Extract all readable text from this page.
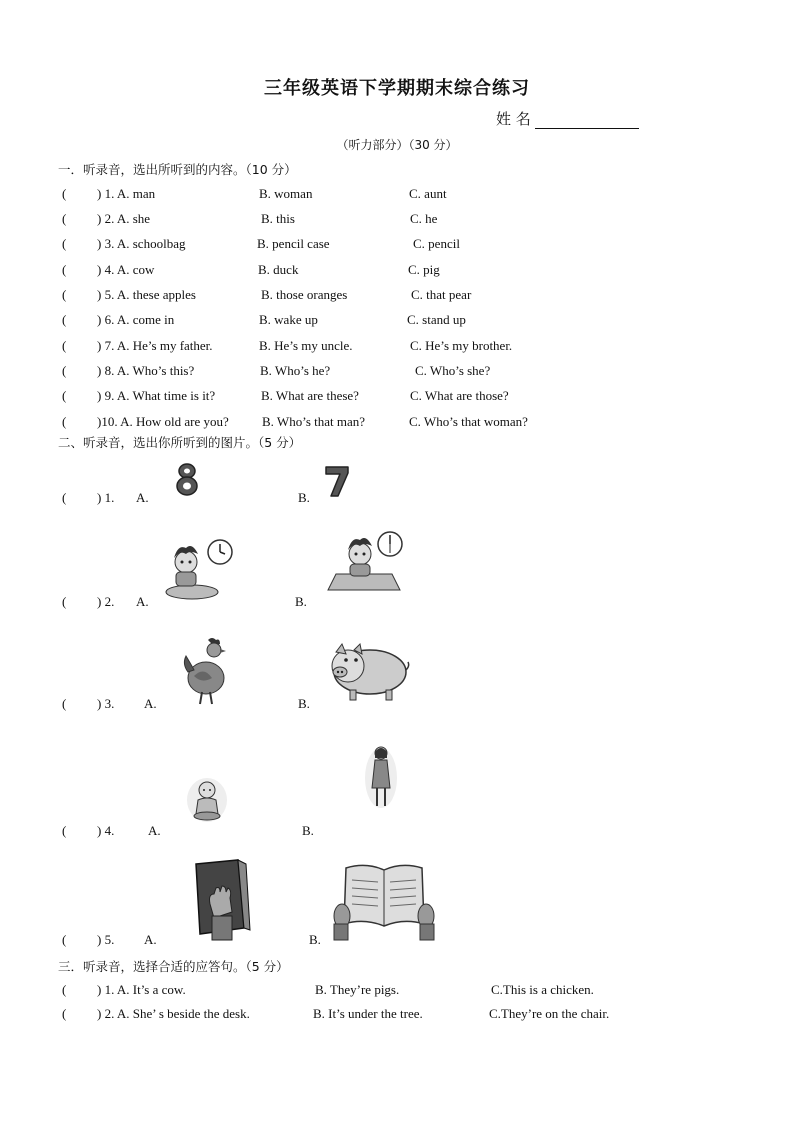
三年级英语下学期期末综合练习
姓 名
（听力部分）（30 分）
一．听录音，选出所听到的内容。（10 分）
( ) 1. A. man	B. woman	C. aunt
( ) 2. A. she	B. this	C. he
( ) 3. A. schoolbag	B. pencil case	C. pencil
( ) 4. A. cow	B. duck	C. pig
( ) 5. A. these apples	B. those oranges	C. that pear
( ) 6. A. come in	B. wake up	C. stand up
( ) 7. A. He’s my father.	B. He’s my uncle.	C. He’s my brother.
( ) 8. A. Who’s this?	B. Who’s he?	C. Who’s she?
( ) 9. A. What time is it?	B. What are these?	C. What are those?
( )10. A. How old are you?	B. Who’s that man?	C. Who’s that woman?
二、听录音，选出你所听到的图片。（5 分）
( ) 1. A.	B.
( ) 2. A.	B.
( ) 3. A.	B.
( ) 4.	A.	B.
( ) 5. A.	B.
三．听录音，选择合适的应答句。（5 分）
( ) 1. A. It’s a cow.	B. They’re pigs.	C.This is a chicken.
( ) 2. A. She’ s beside the desk.	B. It’s under the tree.	C.They’re on the chair.
